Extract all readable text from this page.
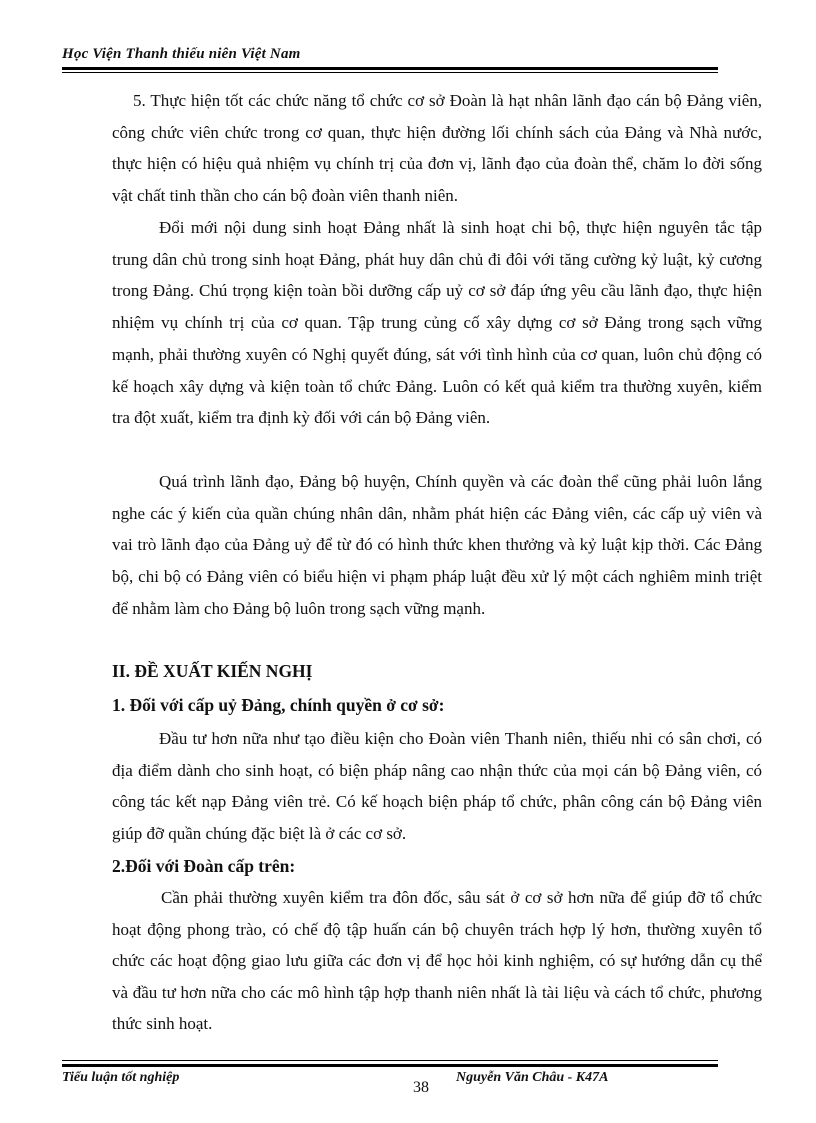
Học Viện Thanh thiếu niên Việt Nam

5. Thực hiện tốt các chức năng tổ chức cơ sở Đoàn là hạt nhân lãnh đạo cán bộ Đảng viên, công chức viên chức trong cơ quan, thực hiện đường lối chính sách của Đảng và Nhà nước, thực hiện có hiệu quả nhiệm vụ chính trị của đơn vị, lãnh đạo của đoàn thể, chăm lo đời sống vật chất tinh thần cho cán bộ đoàn viên thanh niên.

Đổi mới nội dung sinh hoạt Đảng nhất là sinh hoạt chi bộ, thực hiện nguyên tắc tập trung dân chủ trong sinh hoạt Đảng, phát huy dân chủ đi đôi với tăng cường kỷ luật, kỷ cương trong Đảng. Chú trọng kiện toàn bồi dưỡng cấp uỷ cơ sở đáp ứng yêu cầu lãnh đạo, thực hiện nhiệm vụ chính trị của cơ quan. Tập trung củng cố xây dựng cơ sở Đảng trong sạch vững mạnh, phải thường xuyên có Nghị quyết đúng, sát với tình hình của cơ quan, luôn chủ động có kế hoạch xây dựng và kiện toàn tổ chức Đảng. Luôn có kết quả kiểm tra thường xuyên, kiểm tra đột xuất, kiểm tra định kỳ đối với cán bộ Đảng viên.

Quá trình lãnh đạo, Đảng bộ huyện, Chính quyền và các đoàn thể cũng phải luôn lắng nghe các ý kiến của quần chúng nhân dân, nhằm phát hiện các Đảng viên, các cấp uỷ viên và vai trò lãnh đạo của Đảng uỷ để từ đó có hình thức khen thưởng và kỷ luật kịp thời. Các Đảng bộ, chi bộ có Đảng viên có biểu hiện vi phạm pháp luật đều xử lý một cách nghiêm minh triệt để nhằm làm cho Đảng bộ luôn trong sạch vững mạnh.

II. ĐỀ XUẤT KIẾN NGHỊ
1. Đối với cấp uỷ Đảng, chính quyền ở cơ sở:

Đầu tư hơn nữa như tạo điều kiện cho Đoàn viên Thanh niên, thiếu nhi có sân chơi, có địa điểm dành cho sinh hoạt, có biện pháp nâng cao nhận thức của mọi cán bộ Đảng viên, có công tác kết nạp Đảng viên trẻ. Có kế hoạch biện pháp tổ chức, phân công cán bộ Đảng viên giúp đỡ quần chúng đặc biệt là ở các cơ sở.

2.Đối với Đoàn cấp trên:

Cần phải thường xuyên kiểm tra đôn đốc, sâu sát ở cơ sở hơn nữa để giúp đỡ tổ chức hoạt động phong trào, có chế độ tập huấn cán bộ chuyên trách hợp lý hơn, thường xuyên tổ chức các hoạt động giao lưu giữa các đơn vị để học hỏi kinh nghiệm, có sự hướng dẫn cụ thể và đầu tư hơn nữa cho các mô hình tập hợp thanh niên nhất là tài liệu và cách tổ chức, phương thức sinh hoạt.

Tiểu luận tốt nghiệp
38
Nguyễn Văn Châu - K47A
